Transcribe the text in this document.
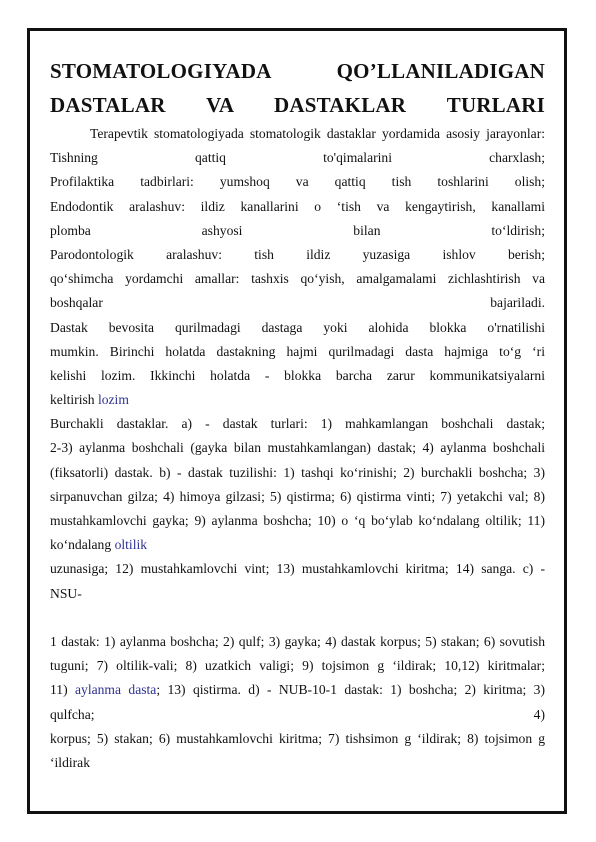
STOMATOLOGIYADA QO’LLANILADIGAN
DASTALAR VA DASTAKLAR TURLARI
Terapevtik stomatologiyada stomatologik dastaklar yordamida asosiy jarayonlar:
Tishning qattiq to'qimalarini charxlash;
Profilaktika tadbirlari: yumshoq va qattiq tish toshlarini olish;
Endodontik aralashuv: ildiz kanallarini o ‘tish va kengaytirish, kanallami
plomba ashyosi bilan to‘ldirish;
Parodontologik aralashuv: tish ildiz yuzasiga ishlov berish;
qo‘shimcha yordamchi amallar: tashxis qo‘yish, amalgamalami zichlashtirish va
boshqalar bajariladi.
Dastak bevosita qurilmadagi dastaga yoki alohida blokka o'rnatilishi
mumkin. Birinchi holatda dastakning hajmi qurilmadagi dasta hajmiga to‘g ‘ri
kelishi lozim. Ikkinchi holatda - blokka barcha zarur kommunikatsiyalarni
keltirish lozim
Burchakli dastaklar. a) - dastak turlari: 1) mahkamlangan boshchali dastak;
2-3) aylanma boshchali (gayka bilan mustahkamlangan) dastak; 4) aylanma boshchali
(fiksatorli) dastak. b) - dastak tuzilishi: 1) tashqi ko‘rinishi; 2) burchakli boshcha; 3)
sirpanuvchan gilza; 4) himoya gilzasi; 5) qistirma; 6) qistirma vinti; 7) yetakchi val; 8)
mustahkamlovchi gayka; 9) aylanma boshcha; 10) o ‘q bo‘ylab ko‘ndalang oltilik; 11)
ko‘ndalang oltilik
uzunasiga; 12) mustahkamlovchi vint; 13) mustahkamlovchi kiritma; 14) sanga. c) -
NSU-
1 dastak: 1) aylanma boshcha; 2) qulf; 3) gayka; 4) dastak korpus; 5) stakan; 6) sovutish
tuguni; 7) oltilik-vali; 8) uzatkich valigi; 9) tojsimon g ‘ildirak; 10,12) kiritmalar;
11) aylanma dasta; 13) qistirma. d) - NUB-10-1 dastak: 1) boshcha; 2) kiritma; 3)
qulfcha; 4)
korpus; 5) stakan; 6) mustahkamlovchi kiritma; 7) tishsimon g ‘ildirak; 8) tojsimon g
‘ildirak
